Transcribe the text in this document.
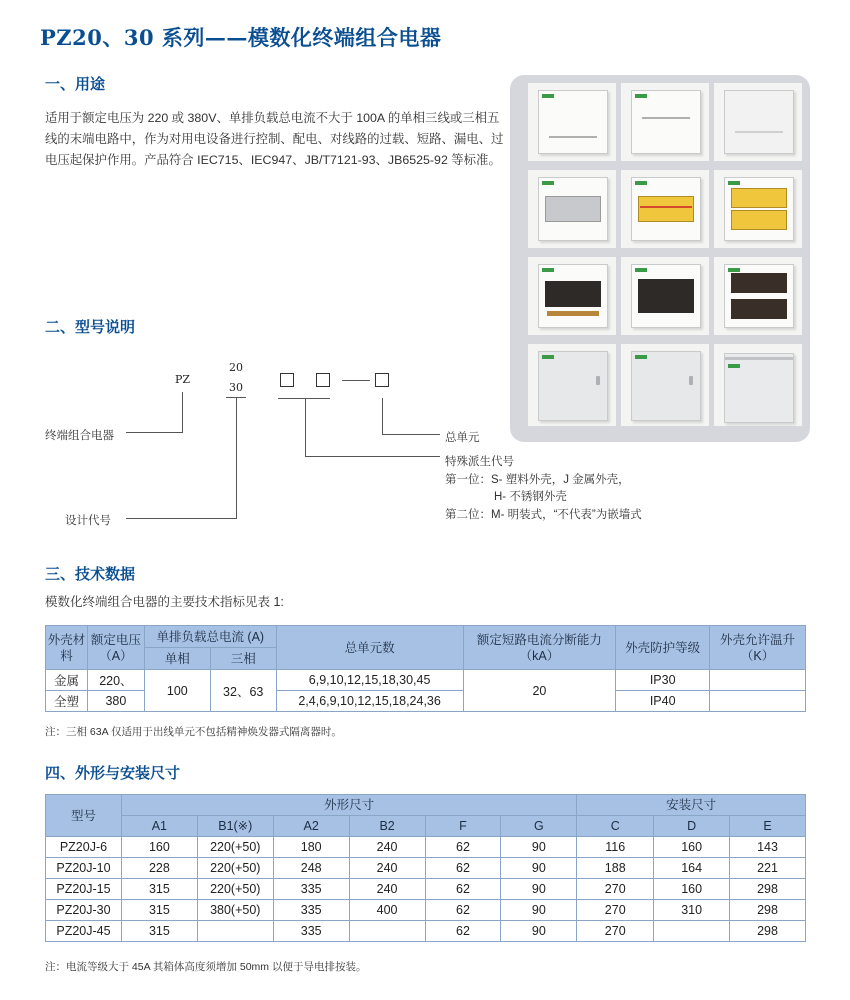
PZ20、30 系列——模数化终端组合电器
一、用途
适用于额定电压为 220 或 380V、单排负载总电流不大于 100A 的单相三线或三相五线的末端电路中，作为对用电设备进行控制、配电、对线路的过载、短路、漏电、过电压起保护作用。产品符合 IEC715、IEC947、JB/T7121-93、JB6525-92 等标准。
二、型号说明
PZ
20
30
终端组合电器
设计代号
总单元
特殊派生代号
第一位：S- 塑料外壳，J 金属外壳，
H- 不锈钢外壳
第二位：M- 明装式，“不代表”为嵌墙式
三、技术数据
模数化终端组合电器的主要技术指标见表 1:
外壳材料	额定电压（A）	单排负载总电流 (A)		总单元数	额定短路电流分断能力（kA）	外壳防护等级	外壳允许温升（K）
		单相	三相				
金属	220、	100	32、63	6,9,10,12,15,18,30,45	20	IP30	
全塑	380			2,4,6,9,10,12,15,18,24,36		IP40	
注：三相 63A 仅适用于出线单元不包括精神焕发器式隔离器时。
四、外形与安装尺寸
型号	外形尺寸						安装尺寸		
	A1	B1(※)	A2	B2	F	G	C	D	E
PZ20J-6	160	220(+50)	180	240	62	90	116	160	143
PZ20J-10	228	220(+50)	248	240	62	90	188	164	221
PZ20J-15	315	220(+50)	335	240	62	90	270	160	298
PZ20J-30	315	380(+50)	335	400	62	90	270	310	298
PZ20J-45	315		335		62	90	270		298
注：电流等级大于 45A 其箱体高度须增加 50mm 以便于导电排按装。
